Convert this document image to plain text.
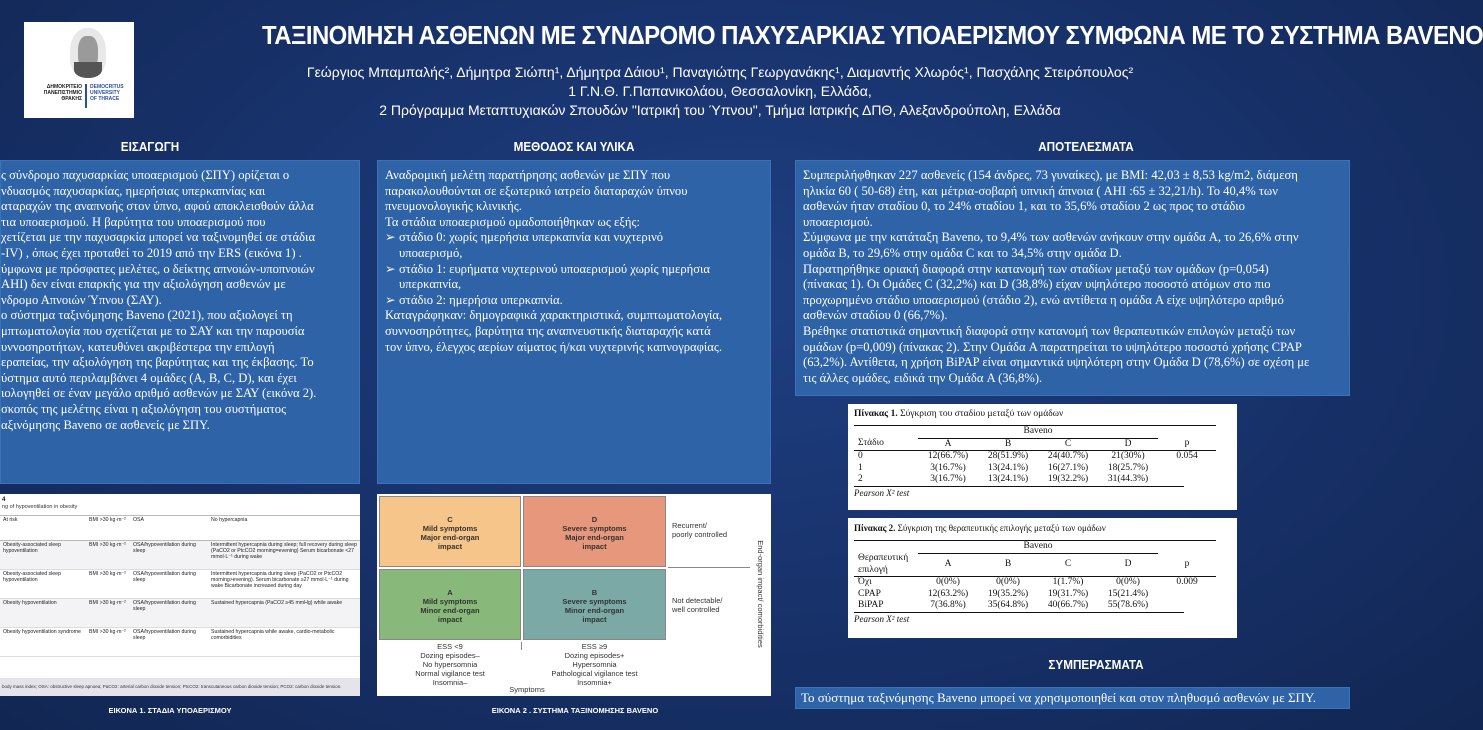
ΔΗΜΟΚΡΙΤΕΙΟ
ΠΑΝΕΠΙΣΤΗΜΙΟ
ΘΡΑΚΗΣ
DEMOCRITUS
UNIVERSITY
OF THRACE
ΤΑΞΙΝΟΜΗΣΗ ΑΣΘΕΝΩΝ ΜΕ ΣΥΝΔΡΟΜΟ ΠΑΧΥΣΑΡΚΙΑΣ ΥΠΟΑΕΡΙΣΜΟΥ ΣΥΜΦΩΝΑ ΜΕ ΤΟ ΣΥΣΤΗΜΑ BAVENO
Γεώργιος Μπαμπαλής², Δήμητρα Σιώπη¹, Δήμητρα Δάιου¹, Παναγιώτης Γεωργανάκης¹, Διαμαντής Χλωρός¹, Πασχάλης Στειρόπουλος²
1 Γ.Ν.Θ. Γ.Παπανικολάου, Θεσσαλονίκη, Ελλάδα,
2 Πρόγραμμα Μεταπτυχιακών Σπουδών "Ιατρική του Ύπνου", Τμήμα Ιατρικής ΔΠΘ, Αλεξανδρούπολη, Ελλάδα
ΕΙΣΑΓΩΓΗ

ς σύνδρομο παχυσαρκίας υποαερισμού (ΣΠΥ) ορίζεται ο

νδυασμός παχυσαρκίας, ημερήσιας υπερκαπνίας και

αταραχών της αναπνοής στον ύπνο, αφού αποκλεισθούν άλλα

τια υποαερισμού. Η βαρύτητα του υποαερισμού που

χετίζεται με την παχυσαρκία μπορεί να ταξινομηθεί σε στάδια

-IV) , όπως έχει προταθεί το 2019 από την ERS (εικόνα 1) .

ύμφωνα με πρόσφατες μελέτες, ο δείκτης απνοιών-υποπνοιών

AHI) δεν είναι επαρκής για την αξιολόγηση ασθενών με

νδρομο Απνοιών Ύπνου (ΣΑΥ).

ο σύστημα ταξινόμησης Baveno (2021), που αξιολογεί τη

μπτωματολογία που σχετίζεται με το ΣΑΥ και την παρουσία

υννοσηροτήτων, κατευθύνει ακριβέστερα την επιλογή

εραπείας, την αξιολόγηση της βαρύτητας και της έκβασης. Το

ύστημα αυτό περιλαμβάνει 4 ομάδες (A, B, C, D), και έχει

ιολογηθεί σε έναν μεγάλο αριθμό ασθενών με ΣΑΥ (εικόνα 2).

σκοπός της μελέτης είναι η αξιολόγηση του συστήματος

αξινόμησης Baveno σε ασθενείς με ΣΠΥ.

ΜΕΘΟΔΟΣ ΚΑΙ ΥΛΙΚΑ

Αναδρομική μελέτη παρατήρησης ασθενών με ΣΠΥ που

παρακολουθούνται σε εξωτερικό ιατρείο διαταραχών ύπνου

πνευμονολογικής κλινικής.

Τα στάδια υποαερισμού ομαδοποιήθηκαν ως εξής:

στάδιο 0: χωρίς ημερήσια υπερκαπνία και νυχτερινό
➢

υποαερισμό,

στάδιο 1: ευρήματα νυχτερινού υποαερισμού χωρίς ημερήσια
➢

υπερκαπνία,

στάδιο 2: ημερήσια υπερκαπνία.
➢

Καταγράφηκαν: δημογραφικά χαρακτηριστικά, συμπτωματολογία,

συννοσηρότητες, βαρύτητα της αναπνευστικής διαταραχής κατά

τον ύπνο, έλεγχος αερίων αίματος ή/και νυχτερινής καπνογραφίας.

ΑΠΟΤΕΛΕΣΜΑΤΑ

Συμπεριλήφθηκαν 227 ασθενείς (154 άνδρες, 73 γυναίκες), με BMI: 42,03 ± 8,53 kg/m2, διάμεση

ηλικία 60 ( 50-68) έτη, και μέτρια-σοβαρή υπνική άπνοια ( AHI :65 ± 32,21/h). Το 40,4% των

ασθενών ήταν σταδίου 0, το 24% σταδίου 1, και το 35,6% σταδίου 2 ως προς το στάδιο

υποαερισμού.

Σύμφωνα με την κατάταξη Baveno, το 9,4% των ασθενών ανήκουν στην ομάδα A, το 26,6% στην

ομάδα B, το 29,6% στην ομάδα C και το 34,5% στην ομάδα D.

Παρατηρήθηκε οριακή διαφορά στην κατανομή των σταδίων μεταξύ των ομάδων (p=0,054)

(πίνακας 1). Οι Ομάδες C (32,2%) και D (38,8%) είχαν υψηλότερο ποσοστό ατόμων στο πιο

προχωρημένο στάδιο υποαερισμού (στάδιο 2), ενώ αντίθετα η ομάδα A είχε υψηλότερο αριθμό

ασθενών σταδίου 0 (66,7%).

Βρέθηκε στατιστικά σημαντική διαφορά στην κατανομή των θεραπευτικών επιλογών μεταξύ των

ομάδων (p=0,009) (πίνακας 2). Στην Ομάδα A παρατηρείται το υψηλότερο ποσοστό χρήσης CPAP

(63,2%). Αντίθετα, η χρήση BiPAP είναι σημαντικά υψηλότερη στην Ομάδα D (78,6%) σε σχέση με

τις άλλες ομάδες, ειδικά την Ομάδα A (36,8%).

4
ng of hypoventilation in obesity
At risk	BMI >30 kg·m⁻²	OSA	No hypercapnia
Obesity-associated sleep hypoventilation	BMI >30 kg·m⁻²	OSA/hypoventilation during sleep	Intermittent hypercapnia during sleep; full recovery during sleep (PaCO2 or PtcCO2 morning=evening) Serum bicarbonate <27 mmol·L⁻¹ during wake
Obesity-associated sleep hypoventilation	BMI >30 kg·m⁻²	OSA/hypoventilation during sleep	Intermittent hypercapnia during sleep (PaCO2 or PtcCO2 morning>evening). Serum bicarbonate ≥27 mmol·L⁻¹ during wake Bicarbonate increased during day
Obesity hypoventilation	BMI >30 kg·m⁻²	OSA/hypoventilation during sleep	Sustained hypercapnia (PaCO2 ≥45 mmHg) while awake
Obesity hypoventilation syndrome	BMI >30 kg·m⁻²	OSA/hypoventilation during sleep	Sustained hypercapnia while awake, cardio-metabolic comorbidities
body mass index; OSA: obstructive sleep apnoea; PaCO2: arterial carbon dioxide tension; PtcCO2: transcutaneous carbon dioxide tension; PCO2: carbon dioxide tension.
ΕΙΚΟΝΑ 1. ΣΤΑΔΙΑ ΥΠΟΑΕΡΙΣΜΟΥ
C
Mild symptoms
Major end-organ
impact
D
Severe symptoms
Major end-organ
impact
A
Mild symptoms
Minor end-organ
impact
B
Severe symptoms
Minor end-organ
impact
Recurrent/
poorly controlled
Not detectable/
well controlled	End-organ impact/ comorbidities
ESS <9
Dozing episodes–
No hypersomnia
Normal vigilance test
Insomnia–
ESS ≥9
Dozing episodes+
Hypersomnia
Pathological vigilance test
Insomnia+
Symptoms
ΕΙΚΟΝΑ 2 . ΣΥΣΤΗΜΑ ΤΑΞΙΝΟΜΗΣΗΣ BAVENO
Πίνακας 1. Σύγκριση του σταδίου μεταξύ των ομάδων
	Baveno				
Στάδιο	A	B	C	D	p
0	12(66.7%)	28(51.9%)	24(40.7%)	21(30%)	0.054
1	3(16.7%)	13(24.1%)	16(27.1%)	18(25.7%)	
2	3(16.7%)	13(24.1%)	19(32.2%)	31(44.3%)	
Pearson X² test
Πίνακας 2. Σύγκριση της θεραπευτικής επιλογής μεταξύ των ομάδων
	Baveno				

Θεραπευτική
επιλογή	A	B	C	D	p
Όχι	0(0%)	0(0%)	1(1.7%)	0(0%)	0.009
CPAP	12(63.2%)	19(35.2%)	19(31.7%)	15(21.4%)	
BiPAP	7(36.8%)	35(64.8%)	40(66.7%)	55(78.6%)	
Pearson X² test
ΣΥΜΠΕΡΑΣΜΑΤΑ
Το σύστημα ταξινόμησης Baveno μπορεί να χρησιμοποιηθεί και στον πληθυσμό ασθενών με ΣΠΥ.
